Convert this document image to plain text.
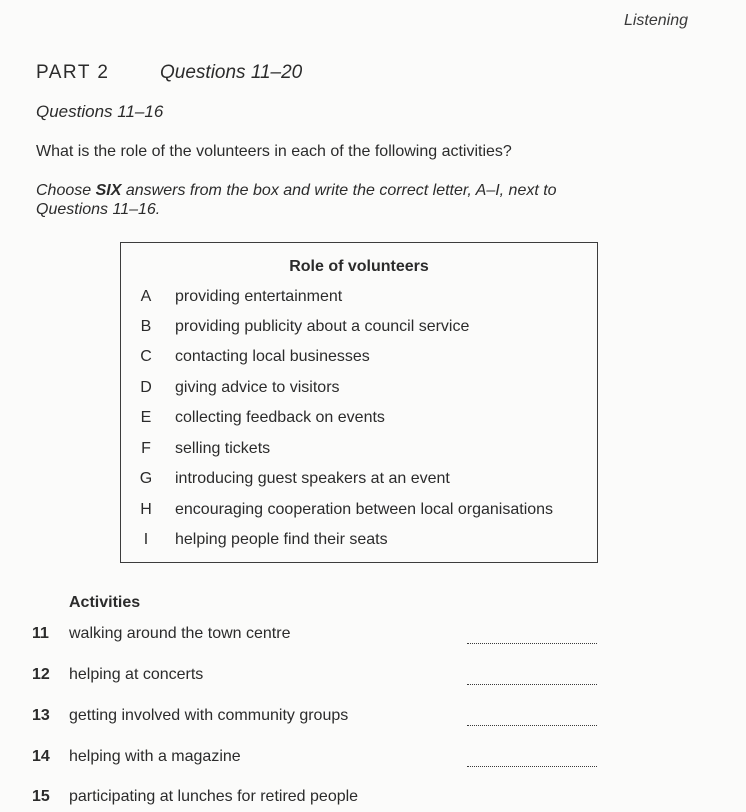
Listening
PART 2	Questions 11–20
Questions 11–16
What is the role of the volunteers in each of the following activities?
Choose SIX answers from the box and write the correct letter, A–I, next to Questions 11–16.
Role of volunteers
A providing entertainment
B providing publicity about a council service
C contacting local businesses
D giving advice to visitors
E collecting feedback on events
F selling tickets
G introducing guest speakers at an event
H encouraging cooperation between local organisations
I helping people find their seats
Activities
11 walking around the town centre
12 helping at concerts
13 getting involved with community groups
14 helping with a magazine
15 participating at lunches for retired people
